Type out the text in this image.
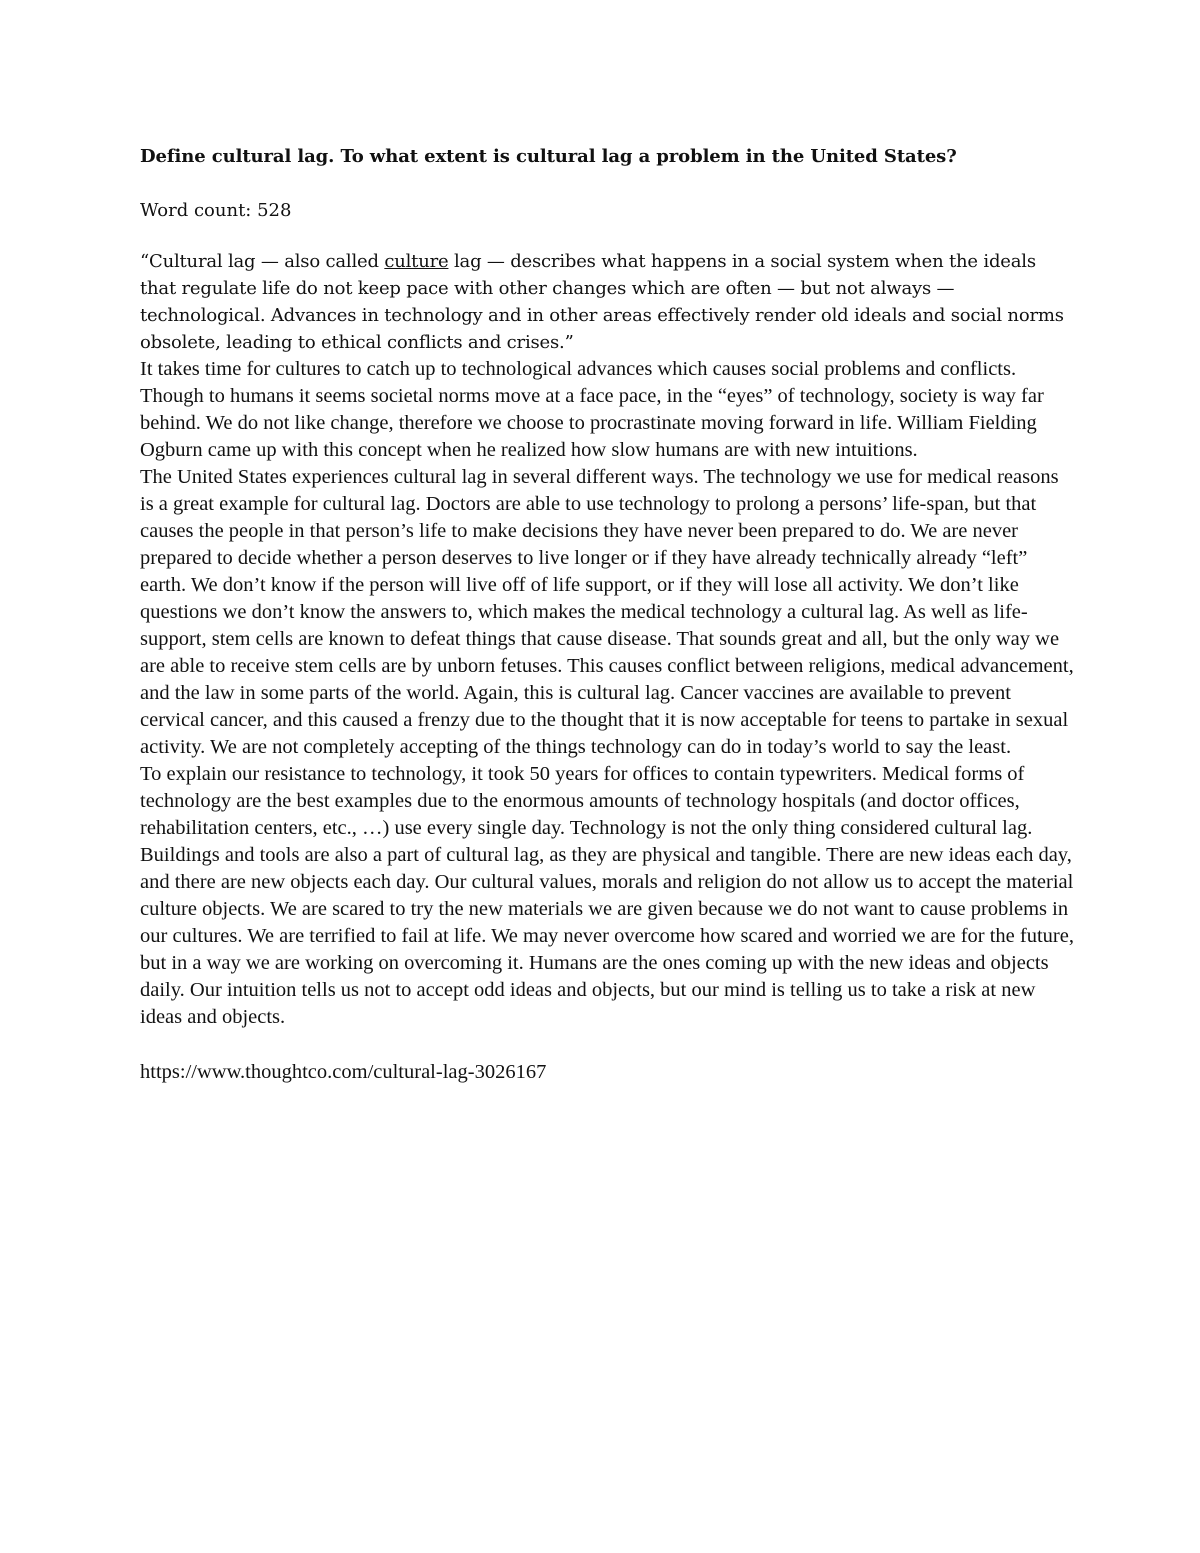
Define cultural lag. To what extent is cultural lag a problem in the United States?

Word count: 528

“Cultural lag — also called culture lag — describes what happens in a social system when the ideals that regulate life do not keep pace with other changes which are often — but not always — technological. Advances in technology and in other areas effectively render old ideals and social norms obsolete, leading to ethical conflicts and crises.”

It takes time for cultures to catch up to technological advances which causes social problems and conflicts. Though to humans it seems societal norms move at a face pace, in the “eyes” of technology, society is way far behind. We do not like change, therefore we choose to procrastinate moving forward in life. William Fielding Ogburn came up with this concept when he realized how slow humans are with new intuitions.

The United States experiences cultural lag in several different ways. The technology we use for medical reasons is a great example for cultural lag. Doctors are able to use technology to prolong a persons’ life-span, but that causes the people in that person’s life to make decisions they have never been prepared to do. We are never prepared to decide whether a person deserves to live longer or if they have already technically already “left” earth. We don’t know if the person will live off of life support, or if they will lose all activity. We don’t like questions we don’t know the answers to, which makes the medical technology a cultural lag. As well as life-support, stem cells are known to defeat things that cause disease. That sounds great and all, but the only way we are able to receive stem cells are by unborn fetuses. This causes conflict between religions, medical advancement, and the law in some parts of the world. Again, this is cultural lag. Cancer vaccines are available to prevent cervical cancer, and this caused a frenzy due to the thought that it is now acceptable for teens to partake in sexual activity. We are not completely accepting of the things technology can do in today’s world to say the least.

To explain our resistance to technology, it took 50 years for offices to contain typewriters. Medical forms of technology are the best examples due to the enormous amounts of technology hospitals (and doctor offices, rehabilitation centers, etc., …) use every single day. Technology is not the only thing considered cultural lag. Buildings and tools are also a part of cultural lag, as they are physical and tangible. There are new ideas each day, and there are new objects each day. Our cultural values, morals and religion do not allow us to accept the material culture objects. We are scared to try the new materials we are given because we do not want to cause problems in our cultures. We are terrified to fail at life. We may never overcome how scared and worried we are for the future, but in a way we are working on overcoming it. Humans are the ones coming up with the new ideas and objects daily. Our intuition tells us not to accept odd ideas and objects, but our mind is telling us to take a risk at new ideas and objects.

https://www.thoughtco.com/cultural-lag-3026167
